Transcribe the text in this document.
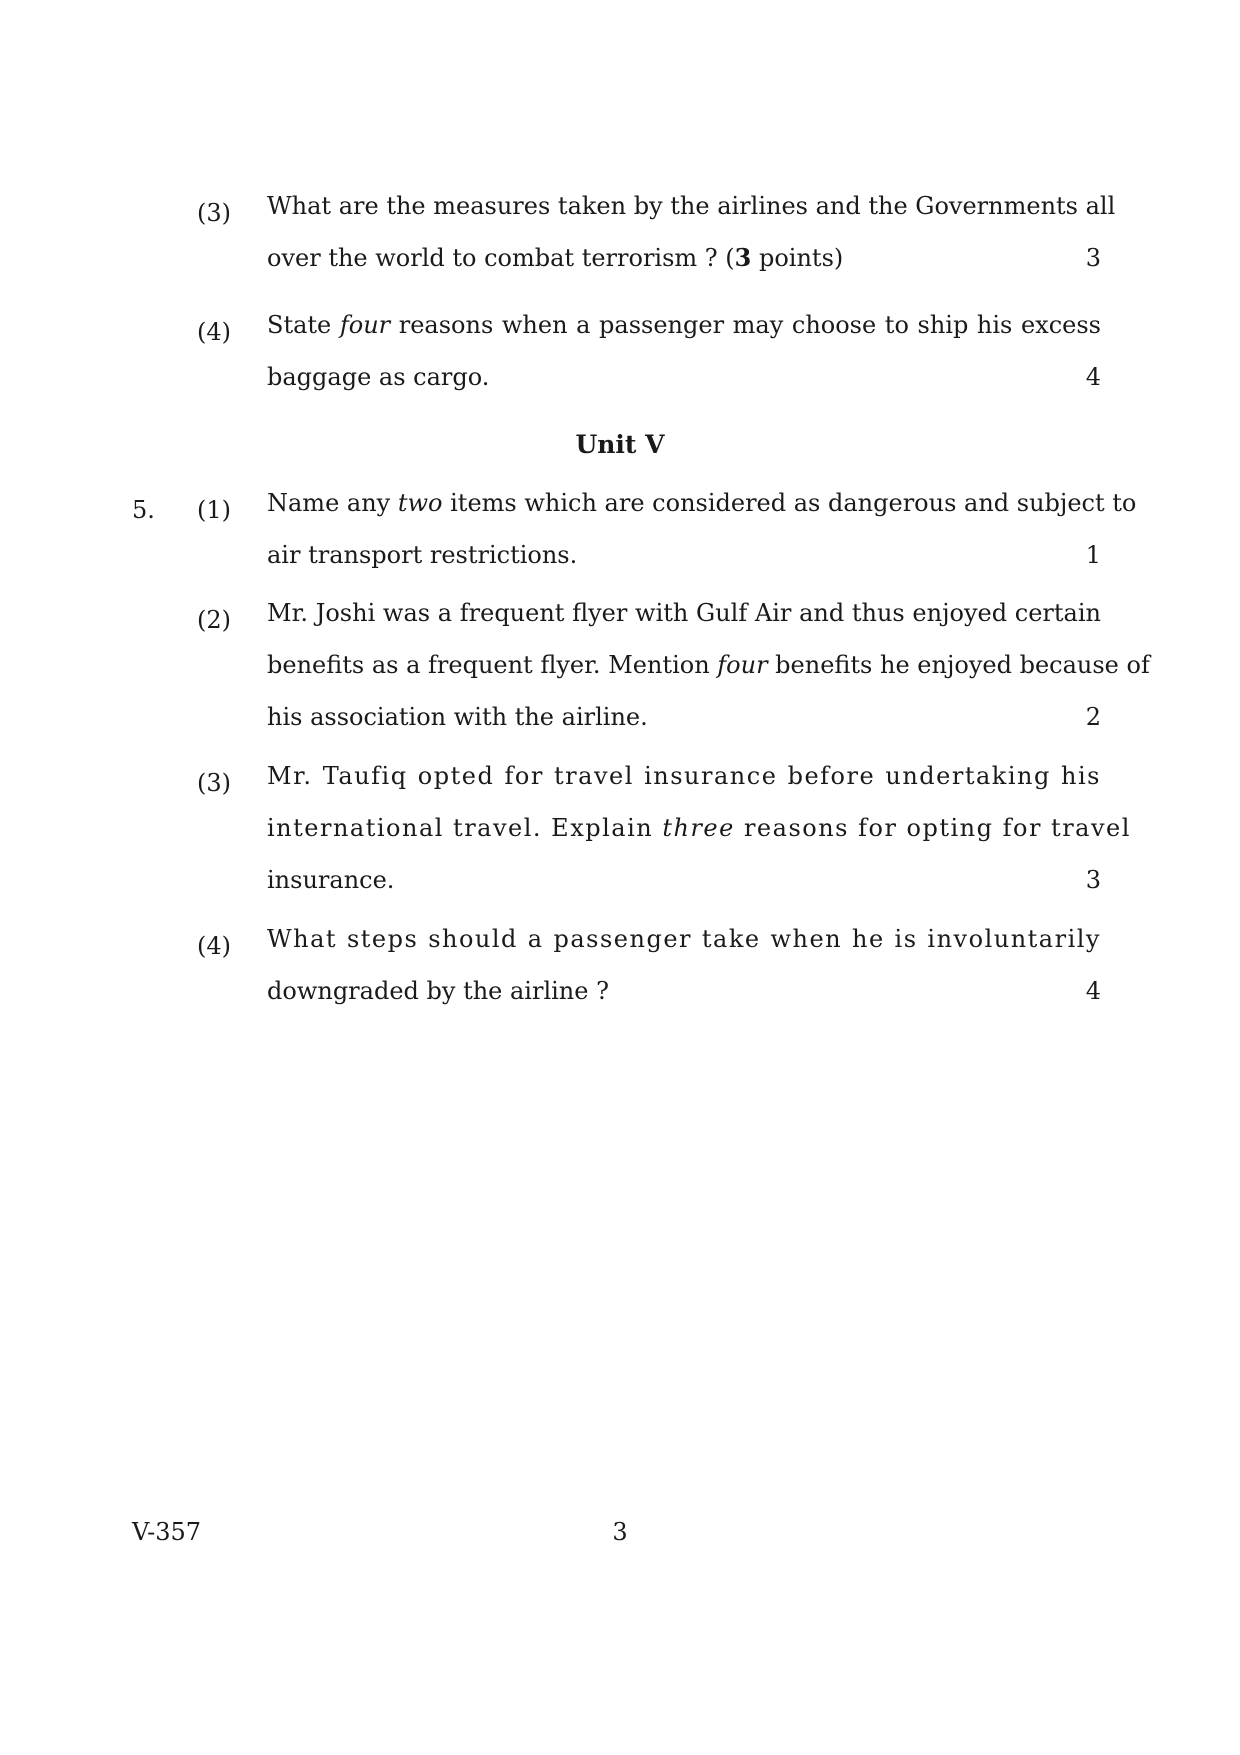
(3) What are the measures taken by the airlines and the Governments all
over the world to combat terrorism ? (3 points)	3
(4) State four reasons when a passenger may choose to ship his excess
baggage as cargo.	4
Unit V
5. (1) Name any two items which are considered as dangerous and subject to
air transport restrictions.	1
(2) Mr. Joshi was a frequent flyer with Gulf Air and thus enjoyed certain
benefits as a frequent flyer. Mention four benefits he enjoyed because of
his association with the airline.	2
(3) Mr. Taufiq opted for travel insurance before undertaking his
international travel. Explain three reasons for opting for travel
insurance.	3
(4) What steps should a passenger take when he is involuntarily
downgraded by the airline ?	4
V-357	3
